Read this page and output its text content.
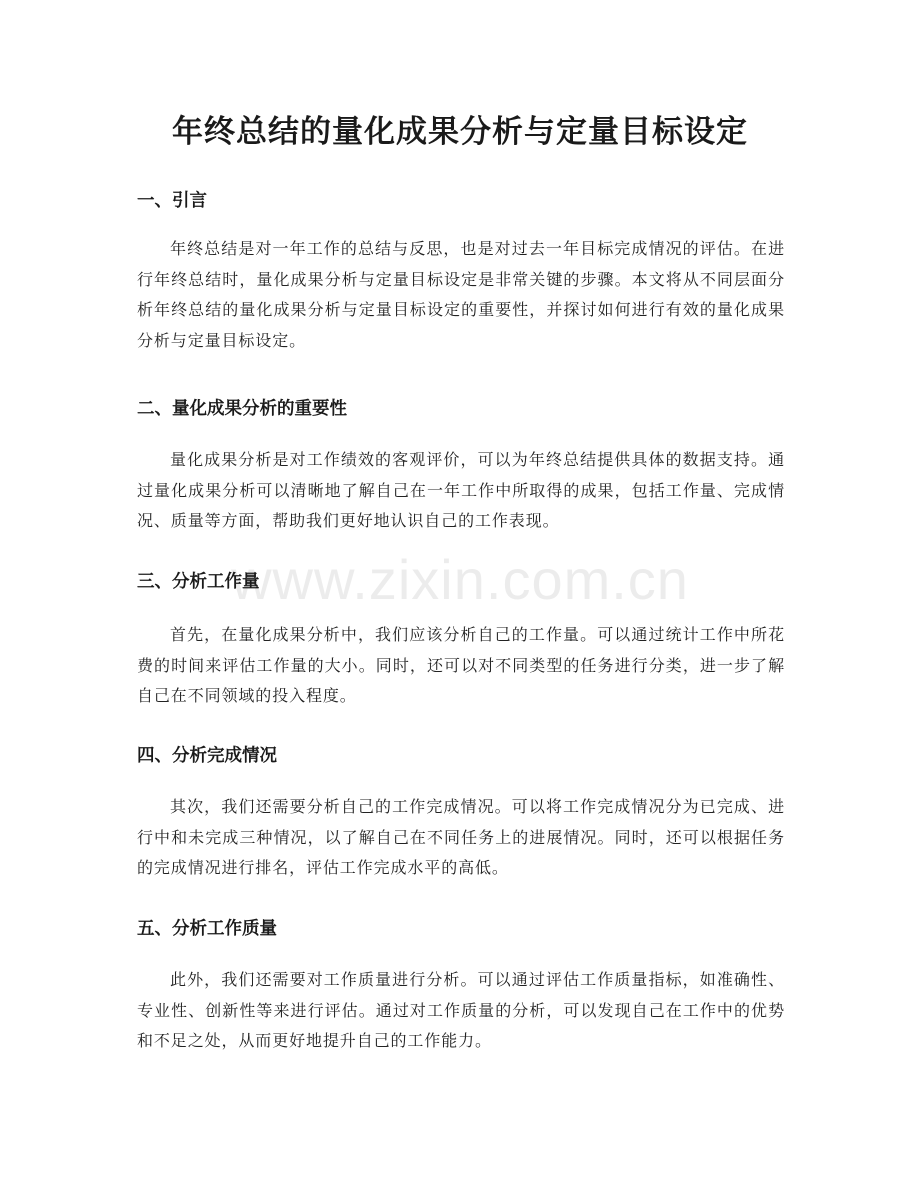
年终总结的量化成果分析与定量目标设定
www.zixin.com.cn
一、引言

年终总结是对一年工作的总结与反思，也是对过去一年目标完成情况的评估。在进行年终总结时，量化成果分析与定量目标设定是非常关键的步骤。本文将从不同层面分析年终总结的量化成果分析与定量目标设定的重要性，并探讨如何进行有效的量化成果分析与定量目标设定。

二、量化成果分析的重要性

量化成果分析是对工作绩效的客观评价，可以为年终总结提供具体的数据支持。通过量化成果分析可以清晰地了解自己在一年工作中所取得的成果，包括工作量、完成情况、质量等方面，帮助我们更好地认识自己的工作表现。

三、分析工作量

首先，在量化成果分析中，我们应该分析自己的工作量。可以通过统计工作中所花费的时间来评估工作量的大小。同时，还可以对不同类型的任务进行分类，进一步了解自己在不同领域的投入程度。

四、分析完成情况

其次，我们还需要分析自己的工作完成情况。可以将工作完成情况分为已完成、进行中和未完成三种情况，以了解自己在不同任务上的进展情况。同时，还可以根据任务的完成情况进行排名，评估工作完成水平的高低。

五、分析工作质量

此外，我们还需要对工作质量进行分析。可以通过评估工作质量指标，如准确性、专业性、创新性等来进行评估。通过对工作质量的分析，可以发现自己在工作中的优势和不足之处，从而更好地提升自己的工作能力。
